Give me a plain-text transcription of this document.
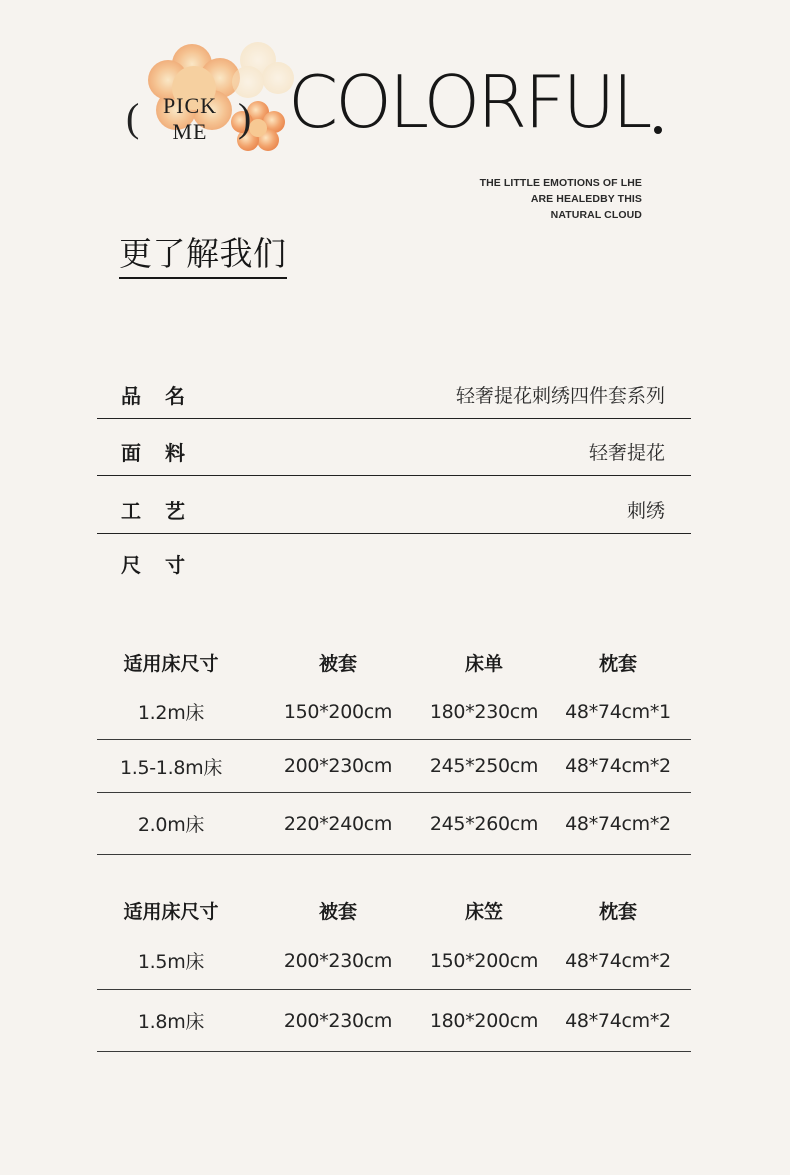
(	PICK
ME ) COLORFUL
THE LITTLE EMOTIONS OF LHE
ARE HEALEDBY THIS
NATURAL CLOUD
更了解我们
品名	轻奢提花刺绣四件套系列
面料	轻奢提花
工艺	刺绣
尺寸
适用床尺寸	被套	床单	枕套
1.2m床	150*200cm	180*230cm	48*74cm*1
1.5-1.8m床	200*230cm	245*250cm	48*74cm*2
2.0m床	220*240cm	245*260cm	48*74cm*2
适用床尺寸	被套	床笠	枕套
1.5m床	200*230cm	150*200cm	48*74cm*2
1.8m床	200*230cm	180*200cm	48*74cm*2
